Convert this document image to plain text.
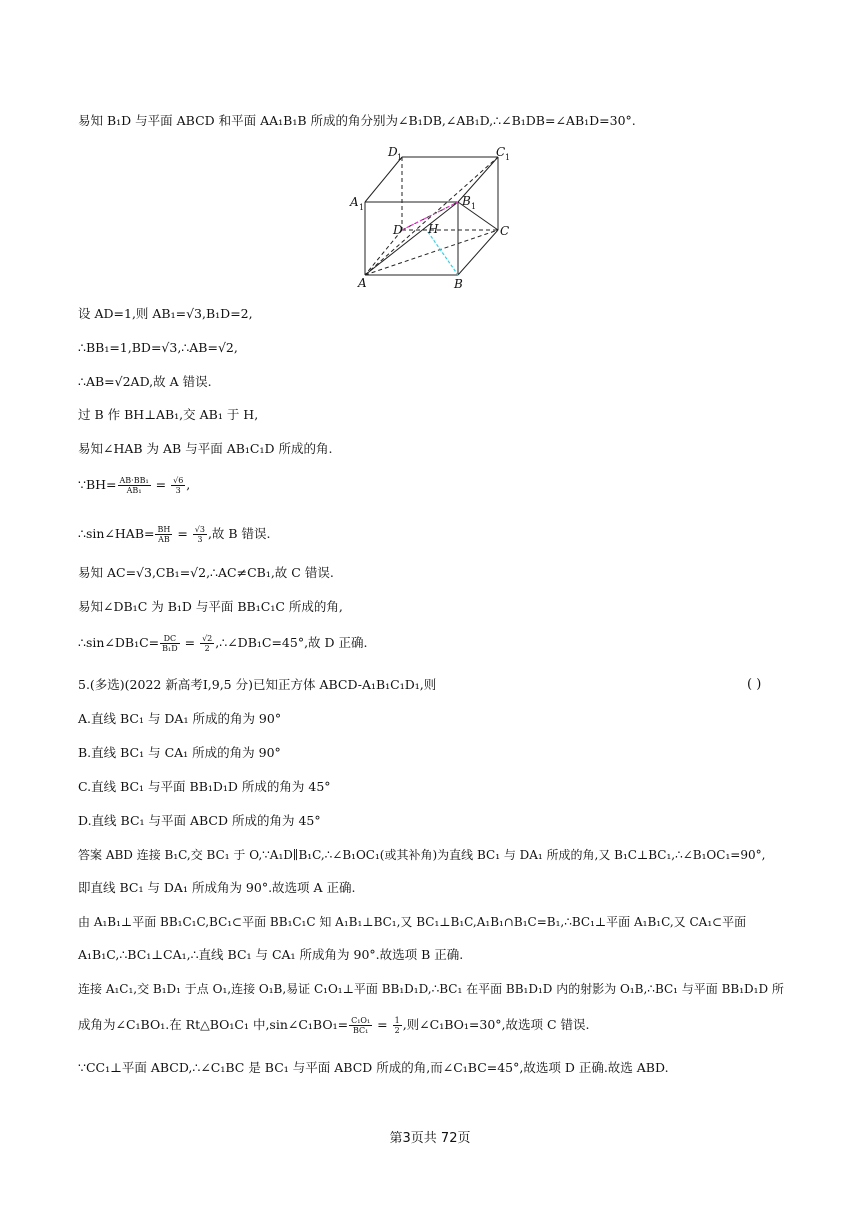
易知 B₁D 与平面 ABCD 和平面 AA₁B₁B 所成的角分别为∠B₁DB,∠AB₁D,∴∠B₁DB=∠AB₁D=30°.
D 1	C 1
A 1	B 1
D H	C
A	B
设 AD=1,则 AB₁=√3,B₁D=2,
∴BB₁=1,BD=√3,∴AB=√2,
∴AB=√2AD,故 A 错误.
过 B 作 BH⊥AB₁,交 AB₁ 于 H,
易知∠HAB 为 AB 与平面 AB₁C₁D 所成的角.
∵BH= $\frac{\text{AB·BB₁}}{\text{AB₁}} = \frac{√6}{3}$ ,
∴sin∠HAB= $\frac{BH}{AB} = \frac{√3}{3}$ ,故 B 错误.
易知 AC=√3,CB₁=√2,∴AC≠CB₁,故 C 错误.
易知∠DB₁C 为 B₁D 与平面 BB₁C₁C 所成的角,
∴sin∠DB₁C= $\frac{DC}{\text{B₁D}} = \frac{√2}{2}$ ,∴∠DB₁C=45°,故 D 正确.
5.(多选)(2022 新高考Ⅰ,9,5 分)已知正方体 ABCD-A₁B₁C₁D₁,则	( )
A.直线 BC₁ 与 DA₁ 所成的角为 90°
B.直线 BC₁ 与 CA₁ 所成的角为 90°
C.直线 BC₁ 与平面 BB₁D₁D 所成的角为 45°
D.直线 BC₁ 与平面 ABCD 所成的角为 45°
答案 ABD 连接 B₁C,交 BC₁ 于 O,∵A₁D∥B₁C,∴∠B₁OC₁(或其补角)为直线 BC₁ 与 DA₁ 所成的角,又 B₁C⊥BC₁,∴∠B₁OC₁=90°,
即直线 BC₁ 与 DA₁ 所成角为 90°.故选项 A 正确.
由 A₁B₁⊥平面 BB₁C₁C,BC₁⊂平面 BB₁C₁C 知 A₁B₁⊥BC₁,又 BC₁⊥B₁C,A₁B₁∩B₁C=B₁,∴BC₁⊥平面 A₁B₁C,又 CA₁⊂平面
A₁B₁C,∴BC₁⊥CA₁,∴直线 BC₁ 与 CA₁ 所成角为 90°.故选项 B 正确.
连接 A₁C₁,交 B₁D₁ 于点 O₁,连接 O₁B,易证 C₁O₁⊥平面 BB₁D₁D,∴BC₁ 在平面 BB₁D₁D 内的射影为 O₁B,∴BC₁ 与平面 BB₁D₁D 所
成角为∠C₁BO₁.在 Rt△BO₁C₁ 中,sin∠C₁BO₁= $\frac{\text{C₁O₁}}{\text{BC₁}} = \frac{1}{2}$ ,则∠C₁BO₁=30°,故选项 C 错误.
∵CC₁⊥平面 ABCD,∴∠C₁BC 是 BC₁ 与平面 ABCD 所成的角,而∠C₁BC=45°,故选项 D 正确.故选 ABD.
第3页共 72页
